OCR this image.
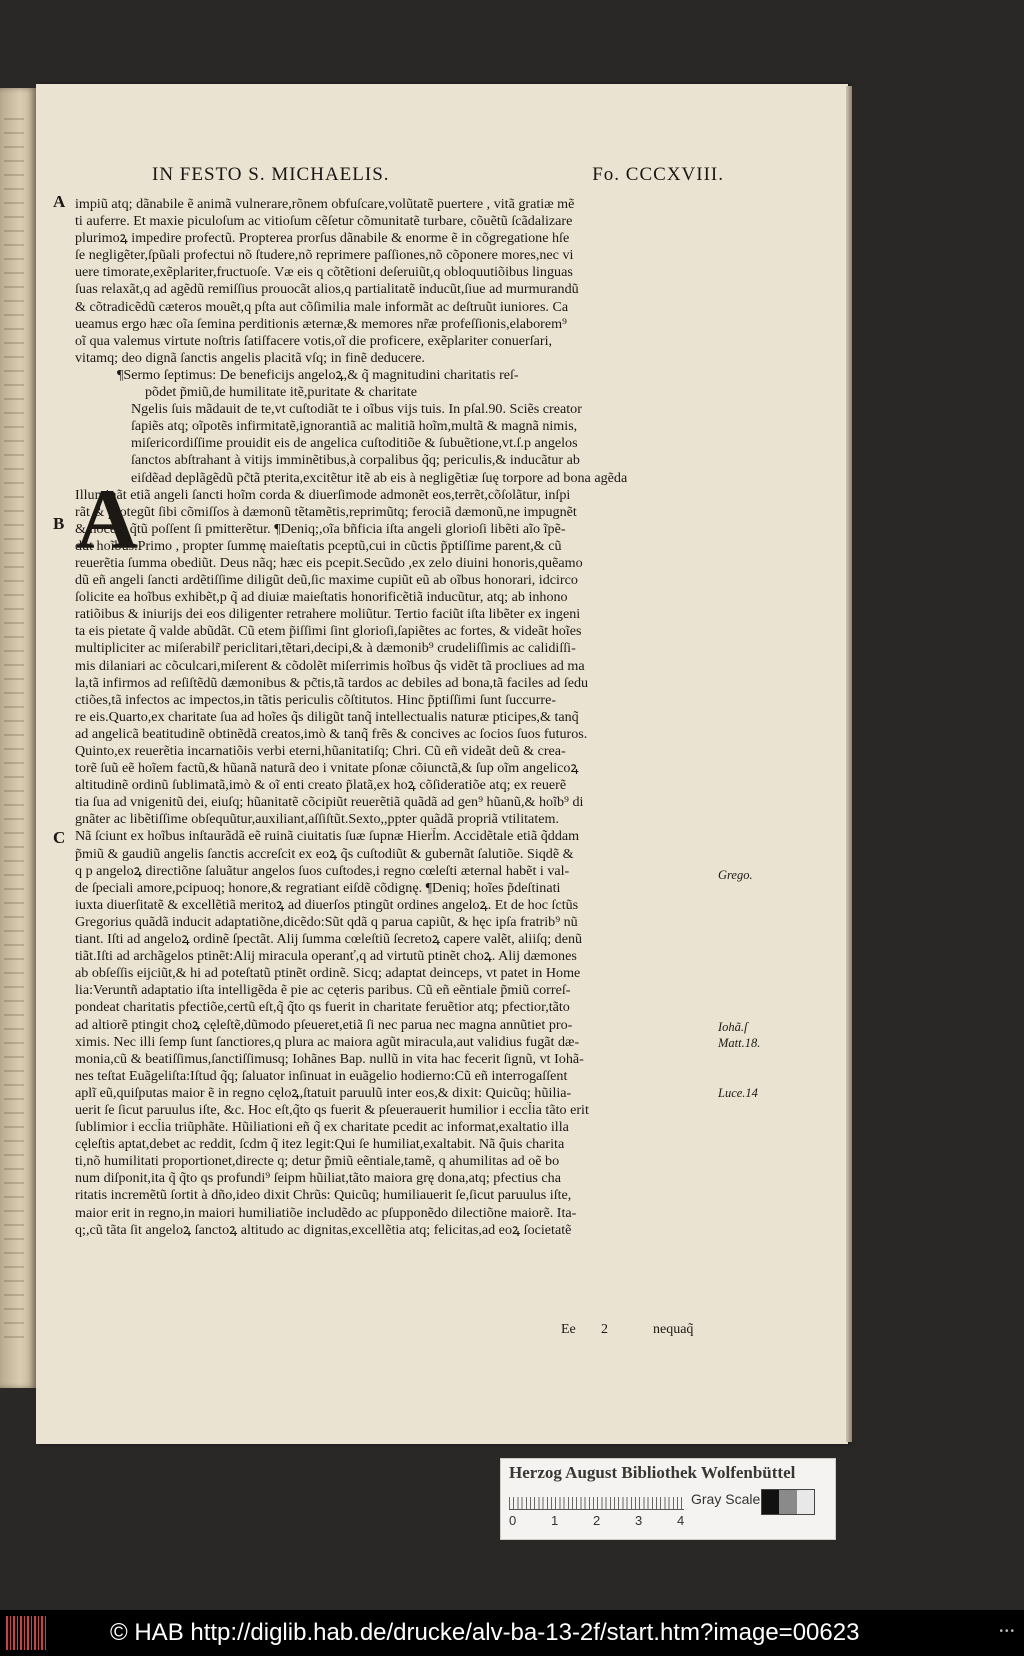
IN FESTO S. MICHAELIS.	Fo. CCCXVIII.
A
B
C
A
impiũ atq; dãnabile ẽ animã vulnerare,rõnem obfuſcare,volũtatẽ puertere , vitã gratiæ mẽ
ti auferre. Et maxie piculoſum ac vitioſum cẽſetur cõmunitatẽ turbare, cõuẽtũ ſcãdalizare
plurimoꝝ impedire profectũ. Propterea prorſus dãnabile & enorme ẽ in cõgregatione hſe
ſe negligẽter,ſpũali profectui nõ ſtudere,nõ reprimere paſſiones,nõ cõponere mores,nec vi
uere timorate,exẽplariter,fructuoſe. Væ eis q cõtẽtioni deſeruiũt,q obloquutiõibus linguas
ſuas relaxãt,q ad agẽdũ remiſſius prouocãt alios,q partialitatẽ inducũt,ſiue ad murmurandũ
& cõtradicẽdũ cæteros mouẽt,q pſta aut cõſimilia male informãt ac deſtruũt iuniores. Ca
ueamus ergo hæc oĩa ſemina perditionis æternæ,& memores nr̃æ profeſſionis,elaborem⁹
oĩ qua valemus virtute noſtris ſatiſfacere votis,oĩ die proficere, exẽplariter conuerſari,
vitamq; deo dignã ſanctis angelis placitã vſq; in finẽ deducere.
¶Sermo ſeptimus: De beneficijs angeloꝝ,& q̃ magnitudini charitatis reſ-
põdet p̃miũ,de humilitate itẽ,puritate & charitate
Ngelis ſuis mãdauit de te,vt cuſtodiãt te i oĩbus vijs tuis. In pſal.90. Sciẽs creator
ſapiẽs atq; oĩpotẽs infirmitatẽ,ignorantiã ac malitiã hoĩm,multã & magnã nimis,
miſericordiſſime prouidit eis de angelica cuſtoditiõe & ſubuẽtione,vt.ſ.p angelos
ſanctos abſtrahant à vitijs imminẽtibus,à corpalibus q̃q; periculis,& inducãtur ab
eiſdẽad deplãgẽdũ pc̃tã pterita,excitẽtur itẽ ab eis à negligẽtiæ ſuę torpore ad bona agẽda
Illuminãt etiã angeli ſancti hoĩm corda & diuerſimode admonẽt eos,terrẽt,cõſolãtur, inſpi
rãt & protegũt ſibi cõmiſſos à dæmonũ tẽtamẽtis,reprimũtq; ferociã dæmonũ,ne impugnẽt
& noceãt q̃tũ poſſent ſi pmitterẽtur. ¶Deniq;,oĩa bñficia iſta angeli glorioſi libẽti aĩo ĩpẽ-
dũt hoĩbus.Primo , propter ſummę maieſtatis pceptũ,cui in cũctis p̃ptiſſime parent,& cũ
reuerẽtia ſumma obediũt. Deus nãq; hæc eis pcepit.Secũdo ,ex zelo diuini honoris,quẽamo
dũ eñ angeli ſancti ardẽtiſſime diligũt deũ,ſic maxime cupiũt eũ ab oĩbus honorari, idcirco
ſolicite ea hoĩbus exhibẽt,p q̃ ad diuiæ maieſtatis honorificẽtiã inducũtur, atq; ab inhono
ratiõibus & iniurijs dei eos diligenter retrahere moliũtur. Tertio faciũt iſta libẽter ex ingeni
ta eis pietate q̃ valde abũdãt. Cũ etem p̃iſſimi ſint glorioſi,ſapiẽtes ac fortes, & videãt hoĩes
multipliciter ac miſerabilr̃ periclitari,tẽtari,decipi,& à dæmonib⁹ crudeliſſimis ac calidiſſi-
mis dilaniari ac cõculcari,miſerent & cõdolẽt miſerrimis hoĩbus q̃s vidẽt tã procliues ad ma
la,tã infirmos ad reſiſtẽdũ dæmonibus & pc̃tis,tã tardos ac debiles ad bona,tã faciles ad ſedu
ctiões,tã infectos ac impectos,in tãtis periculis cõſtitutos. Hinc p̃ptiſſimi ſunt ſuccurre-
re eis.Quarto,ex charitate ſua ad hoĩes q̃s diligũt tanq̃ intellectualis naturæ pticipes,& tanq̃
ad angelicã beatitudinẽ obtinẽdã creatos,imò & tanq̃ frẽs & concives ac ſocios ſuos futuros.
Quinto,ex reuerẽtia incarnatiõis verbi eterni,hũanitatiſq; Chri. Cũ eñ videãt deũ & crea-
torẽ ſuũ eẽ hoĩem factũ,& hũanã naturã deo i vnitate pſonæ cõiunctã,& ſup oĩm angelicoꝝ
altitudinẽ ordinũ ſublimatã,imò & oĩ enti creato p̃latã,ex hoꝝ cõſideratiõe atq; ex reuerẽ
tia ſua ad vnigenitũ dei, eiuſq; hũanitatẽ cõcipiũt reuerẽtiã quãdã ad gen⁹ hũanũ,& hoĩb⁹ di
gnãter ac libẽtiſſime obſequũtur,auxiliant,aſſiſtũt.Sexto,,ppter quãdã propriã vtilitatem.
Nã ſciunt ex hoĩbus inſtaurãdã eẽ ruinã ciuitatis ſuæ ſupnæ Hierl̃m. Accidẽtale etiã q̃ddam
p̃miũ & gaudiũ angelis ſanctis accreſcit ex eoꝝ q̃s cuſtodiũt & gubernãt ſalutiõe. Siqdẽ &
q p angeloꝝ directiõne ſaluãtur angelos ſuos cuſtodes,i regno cœleſti æternal habẽt i val-
de ſpeciali amore,pcipuoq; honore,& regratiant eiſdẽ cõdignę. ¶Deniq; hoĩes p̃deſtinati
iuxta diuerſitatẽ & excellẽtiã meritoꝝ ad diuerſos ptingũt ordines angeloꝝ. Et de hoc ſctũs
Gregorius quãdã inducit adaptatiõne,dicẽdo:Sũt qdã q parua capiũt, & hęc ipſa fratrib⁹ nũ
tiant. Iſti ad angeloꝝ ordinẽ ſpectãt. Alij ſumma cœleſtiũ ſecretoꝝ capere valẽt, aliiſq; denũ
tiãt.Iſti ad archãgelos ptinẽt:Alij miracula operanť,q ad virtutũ ptinẽt choꝝ. Alij dæmones
ab obſeſſis eijciũt,& hi ad poteſtatũ ptinẽt ordinẽ. Sicq; adaptat deinceps, vt patet in Home
lia:Veruntñ adaptatio iſta intelligẽda ẽ pie ac cęteris paribus. Cũ eñ eẽntiale p̃miũ correſ-
pondeat charitatis pfectiõe,certũ eſt,q̃ q̃to qs fuerit in charitate feruẽtior atq; pfectior,tãto
ad altiorẽ ptingit choꝝ cęleſtẽ,dũmodo pſeueret,etiã ſi nec parua nec magna annũtiet pro-
ximis. Nec illi ſemp ſunt ſanctiores,q plura ac maiora agũt miracula,aut validius fugãt dæ-
monia,cũ & beatiſſimus,ſanctiſſimusq; Iohãnes Bap. nullũ in vita hac fecerit ſignũ, vt Iohã-
nes teſtat Euãgeliſta:Iſtud q̃q; ſaluator inſinuat in euãgelio hodierno:Cũ eñ interrogaſſent
aplĩ eũ,quiſputas maior ẽ in regno cęloꝝ,ſtatuit paruulũ inter eos,& dixit: Quicũq; hũilia-
uerit ſe ſicut paruulus iſte, &c. Hoc eſt,q̃to qs fuerit & pſeuerauerit humilior i eccl̃ia tãto erit
ſublimior i eccl̃ia triũphãte. Hũiliationi eñ q̃ ex charitate pcedit ac informat,exaltatio illa
cęleſtis aptat,debet ac reddit, ſcdm q̃ itez legit:Qui ſe humiliat,exaltabit. Nã q̃uis charita
ti,nõ humilitati proportionet,directe q; detur p̃miũ eẽntiale,tamẽ, q ahumilitas ad oẽ bo
num diſponit,ita q̃ q̃to qs profundi⁹ ſeipm hũiliat,tãto maiora grę dona,atq; pfectius cha
ritatis incremẽtũ ſortit à dño,ideo dixit Chrũs: Quicũq; humiliauerit ſe,ſicut paruulus iſte,
maior erit in regno,in maiori humiliatiõe includẽdo ac pſupponẽdo dilectiõne maiorẽ. Ita-
q;,cũ tãta ſit angeloꝝ ſanctoꝝ altitudo ac dignitas,excellẽtia atq; felicitas,ad eoꝝ ſocietatẽ
Grego.
Iohã.ſ
Matt.18.
Luce.14
Ee 2	nequaq̃
Herzog August Bibliothek Wolfenbüttel
0	1	2	3	4
Gray Scale
© HAB http://diglib.hab.de/drucke/alv-ba-13-2f/start.htm?image=00623	•••
